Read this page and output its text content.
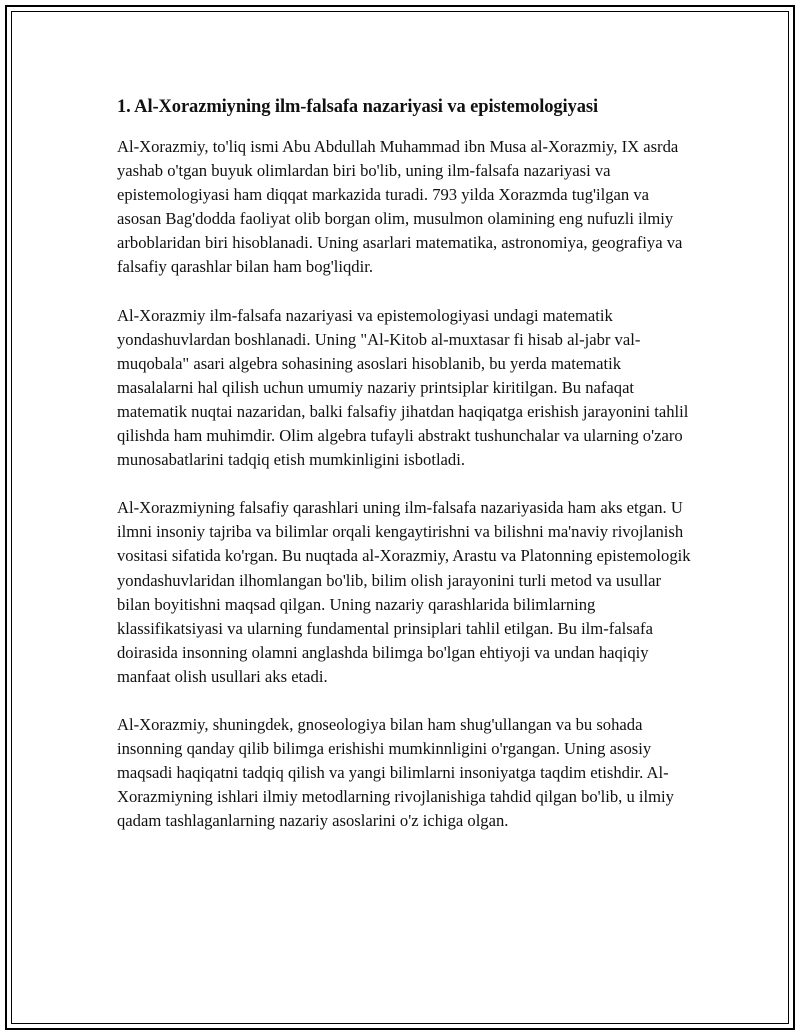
1. Al-Xorazmiyning ilm-falsafa nazariyasi va epistemologiyasi

Al-Xorazmiy, to'liq ismi Abu Abdullah Muhammad ibn Musa al-Xorazmiy, IX asrda yashab o'tgan buyuk olimlardan biri bo'lib, uning ilm-falsafa nazariyasi va epistemologiyasi ham diqqat markazida turadi. 793 yilda Xorazmda tug'ilgan va asosan Bag'dodda faoliyat olib borgan olim, musulmon olamining eng nufuzli ilmiy arboblaridan biri hisoblanadi. Uning asarlari matematika, astronomiya, geografiya va falsafiy qarashlar bilan ham bog'liqdir.

Al-Xorazmiy ilm-falsafa nazariyasi va epistemologiyasi undagi matematik yondashuvlardan boshlanadi. Uning "Al-Kitob al-muxtasar fi hisab al-jabr val-muqobala" asari algebra sohasining asoslari hisoblanib, bu yerda matematik masalalarni hal qilish uchun umumiy nazariy printsiplar kiritilgan. Bu nafaqat matematik nuqtai nazaridan, balki falsafiy jihatdan haqiqatga erishish jarayonini tahlil qilishda ham muhimdir. Olim algebra tufayli abstrakt tushunchalar va ularning o'zaro munosabatlarini tadqiq etish mumkinligini isbotladi.

Al-Xorazmiyning falsafiy qarashlari uning ilm-falsafa nazariyasida ham aks etgan. U ilmni insoniy tajriba va bilimlar orqali kengaytirishni va bilishni ma'naviy rivojlanish vositasi sifatida ko'rgan. Bu nuqtada al-Xorazmiy, Arastu va Platonning epistemologik yondashuvlaridan ilhomlangan bo'lib, bilim olish jarayonini turli metod va usullar bilan boyitishni maqsad qilgan. Uning nazariy qarashlarida bilimlarning klassifikatsiyasi va ularning fundamental prinsiplari tahlil etilgan. Bu ilm-falsafa doirasida insonning olamni anglashda bilimga bo'lgan ehtiyoji va undan haqiqiy manfaat olish usullari aks etadi.

Al-Xorazmiy, shuningdek, gnoseologiya bilan ham shug'ullangan va bu sohada insonning qanday qilib bilimga erishishi mumkinnligini o'rgangan. Uning asosiy maqsadi haqiqatni tadqiq qilish va yangi bilimlarni insoniyatga taqdim etishdir. Al-Xorazmiyning ishlari ilmiy metodlarning rivojlanishiga tahdid qilgan bo'lib, u ilmiy qadam tashlaganlarning nazariy asoslarini o'z ichiga olgan.
